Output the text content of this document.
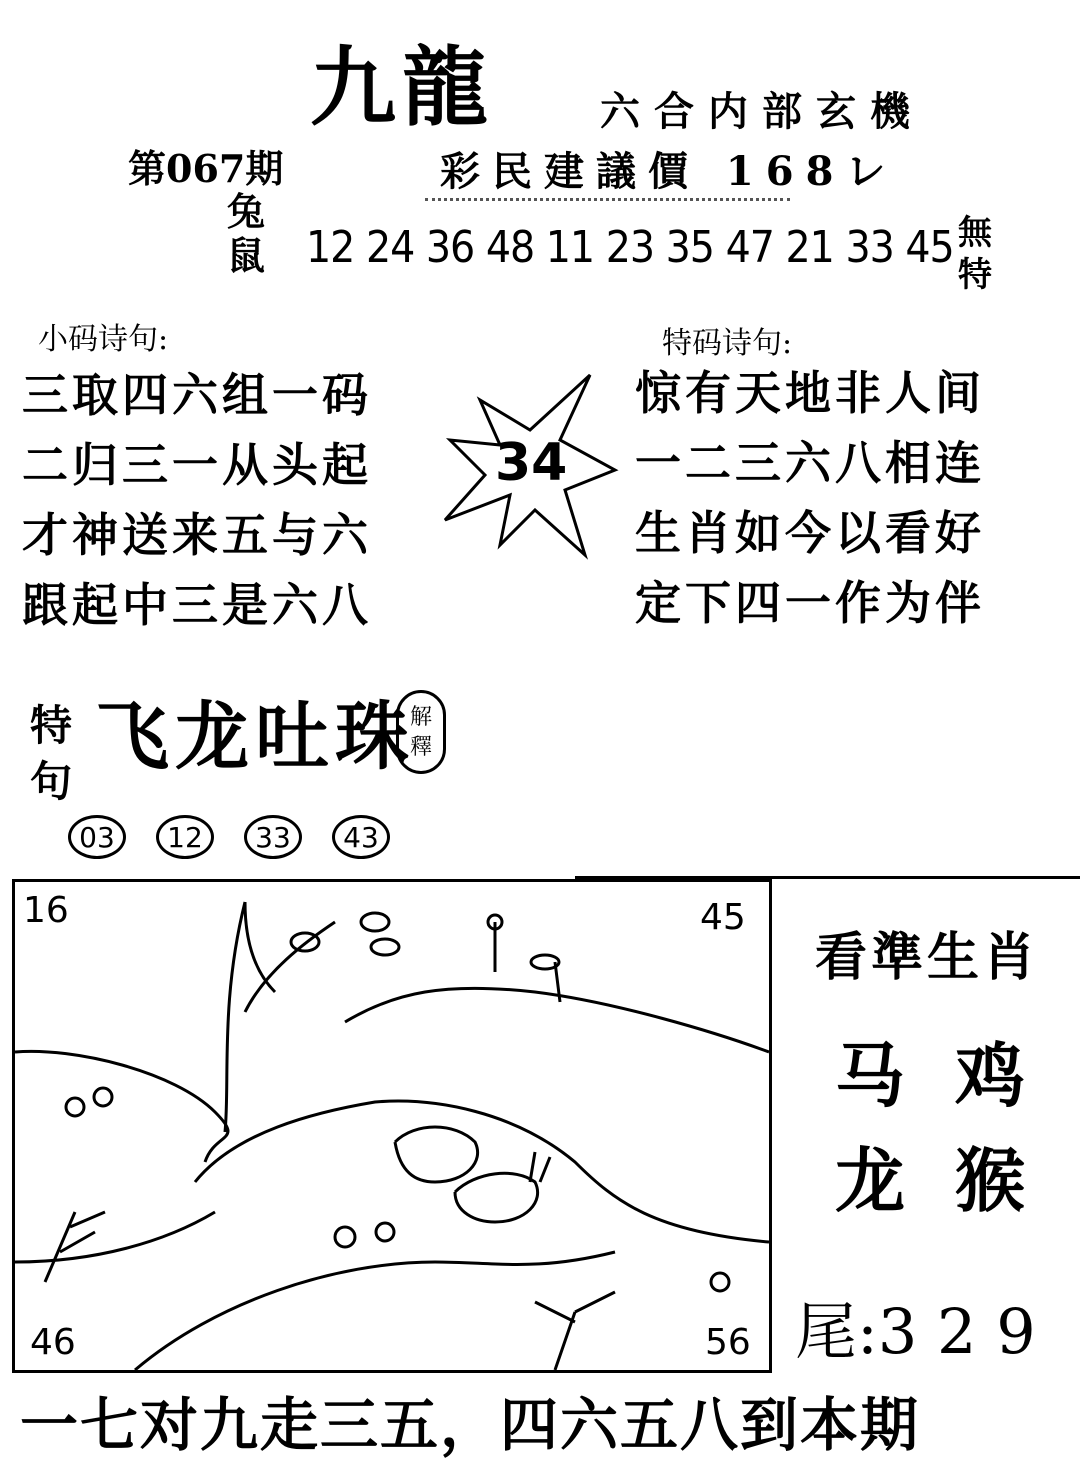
九龍	六合内部玄機
第067期	彩民建議價 168レ
兔
鼠 12 24 36 48 11 23 35 47 21 33 45 無
特
小码诗句:
三取四六组一码
二归三一从头起
才神送来五与六
跟起中三是六八
34
特码诗句:
惊有天地非人间
一二三六八相连
生肖如今以看好
定下四一作为伴
特
句
飞龙吐珠
解
釋
03	12	33	43
16	45
46	56
看準生肖
马 鸡
龙 猴
尾:3 2 9
一七对九走三五，四六五八到本期
